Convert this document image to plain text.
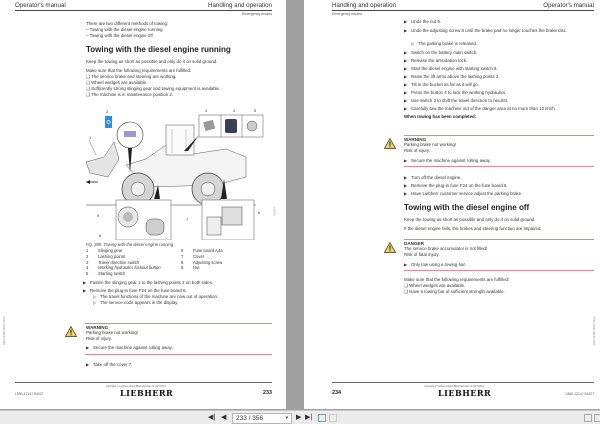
Operator's manual	Handling and operation
Emergency modes
There are two different methods of towing:
– Towing with the diesel engine running
– Towing with the diesel engine off
Towing with the diesel engine running
Keep the towing as short as possible and only do it on solid ground.
Make sure that the following requirements are fulfilled:
❑ The service brake and steering are working.
❑ Wheel wedges are available.
❑ Sufficiently strong slinging gear and towing equipment is available.
❑ The machine is in maintenance position 2.
2
1
3	4	5
9
8
7
6	005419
Fig. 385: Towing with the diesel engine running
1 Slinging gear
2 Lashing points
3 Travel direction switch
4 Working hydraulics lockout button
5 Starting switch
6 Fuse board A4a
7 Cover
8 Adjusting screw
9 Nut
▶ Fasten the slinging gear 1 to the lashing points 2 on both sides.
▶ Remove the plug-in fuse F24 on the fuse board 6.
▷ The travel functions of the machine are now out of operation.
▷ The service code appears in the display.
WARNING
Parking brake not working!
Risk of injury.
▶ Secure the machine against rolling away.
▶ Take off the cover 7.
LBH/13486-0000-02/en
copyright © Liebherr-Werk Bischofshofen GmbH 2016
LIEBHERR
L550-1214 / 54427	233
Handling and operation	Operator's manual
Emergency modes
▶ Undo the nut 9.
▶ Undo the adjusting screw 8 until the brake pad no longer touches the brake disc.
▷ The parking brake is released.
▶ Switch on the battery main switch.
▶ Release the articulation lock.
▶ Start the diesel engine with starting switch 5.
▶ Raise the lift arms above the lashing points 2.
▶ Tilt in the bucket as far as it will go.
▶ Press the button 4 to lock the working hydraulics.
▶ Use switch 3 to shift the travel direction to neutral.
▶ Carefully tow the machine out of the danger area at no more than 10 km/h.
When towing has been completed:
WARNING
Parking brake not working!
Risk of injury.
▶ Secure the machine against rolling away.
▶ Turn off the diesel engine.
▶ Remove the plug-in fuse F24 on the fuse board 6.
▶ Have Liebherr customer service adjust the parking brake.
Towing with the diesel engine off
Keep the towing as short as possible and only do it on solid ground.
If the diesel engine fails, the brakes and steering function are impaired.
DANGER
The service brake accumulator is not filled!
Risk of fatal injury.
▶ Only tow using a towing bar.
Make sure that the following requirements are fulfilled:
❑ Wheel wedges are available.
❑ Have a towing bar of sufficient strength available.
LBH/13486-0000-02/en
copyright © Liebherr-Werk Bischofshofen GmbH 2016
LIEBHERR
234	L550-1214 / 54427
◀| ◀	233 / 356	▾ ▶ ▶|
